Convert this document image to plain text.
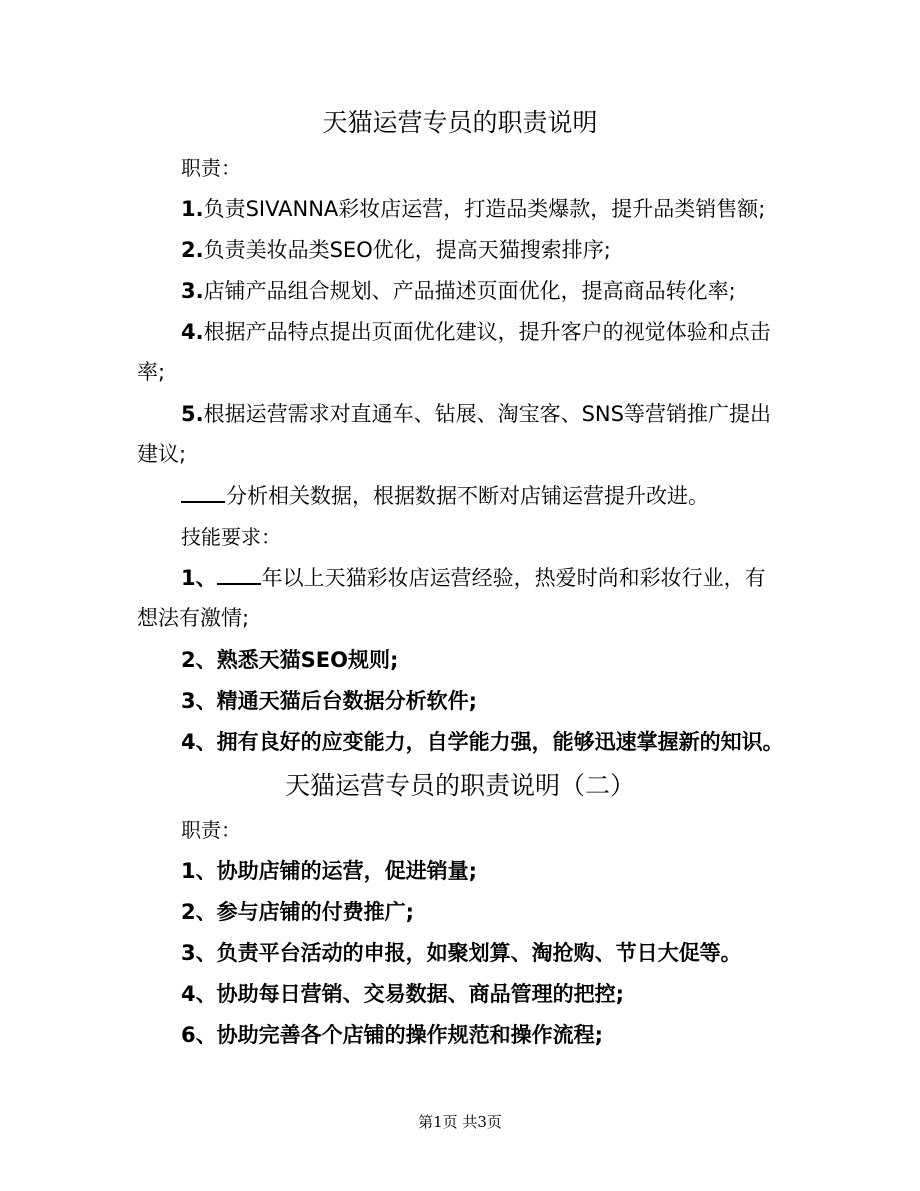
天猫运营专员的职责说明

职责：

1.负责SIVANNA彩妆店运营，打造品类爆款，提升品类销售额;

2.负责美妆品类SEO优化，提高天猫搜索排序;

3.店铺产品组合规划、产品描述页面优化，提高商品转化率;

4.根据产品特点提出页面优化建议，提升客户的视觉体验和点击率;

5.根据运营需求对直通车、钻展、淘宝客、SNS等营销推广提出建议;

分析相关数据，根据数据不断对店铺运营提升改进。

技能要求：

1、 年以上天猫彩妆店运营经验，热爱时尚和彩妆行业，有想法有激情;

2、熟悉天猫SEO规则;

3、精通天猫后台数据分析软件;

4、拥有良好的应变能力，自学能力强，能够迅速掌握新的知识。

天猫运营专员的职责说明（二）

职责：

1、协助店铺的运营，促进销量;

2、参与店铺的付费推广;

3、负责平台活动的申报，如聚划算、淘抢购、节日大促等。

4、协助每日营销、交易数据、商品管理的把控;

6、协助完善各个店铺的操作规范和操作流程;

第1页 共3页
